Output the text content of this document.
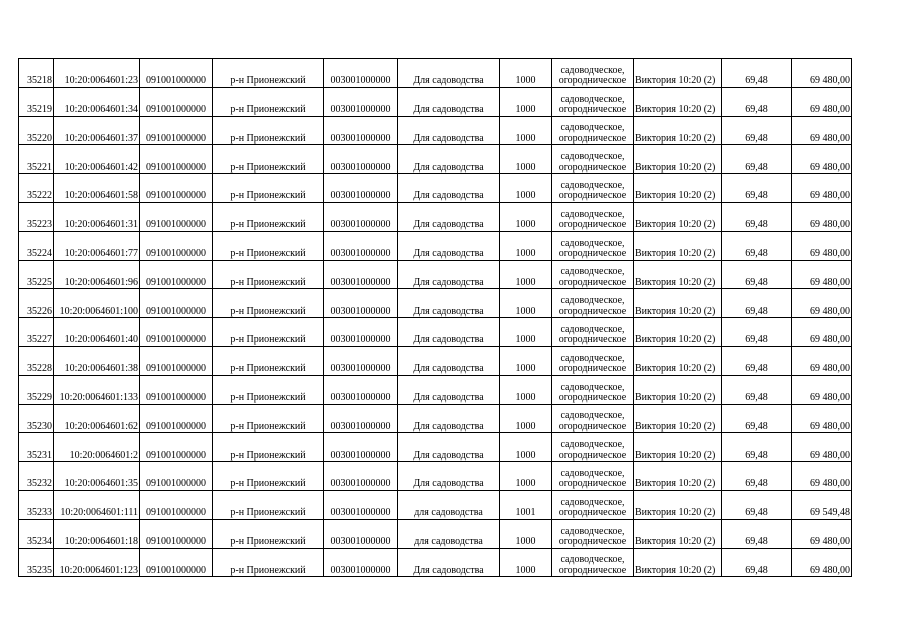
35218	10:20:0064601:23	091001000000	р-н Прионежский	003001000000	Для садоводства	1000	садоводческое,
огородническое	Виктория 10:20 (2)	69,48	69 480,00
35219	10:20:0064601:34	091001000000	р-н Прионежский	003001000000	Для садоводства	1000	садоводческое,
огородническое	Виктория 10:20 (2)	69,48	69 480,00
35220	10:20:0064601:37	091001000000	р-н Прионежский	003001000000	Для садоводства	1000	садоводческое,
огородническое	Виктория 10:20 (2)	69,48	69 480,00
35221	10:20:0064601:42	091001000000	р-н Прионежский	003001000000	Для садоводства	1000	садоводческое,
огородническое	Виктория 10:20 (2)	69,48	69 480,00
35222	10:20:0064601:58	091001000000	р-н Прионежский	003001000000	Для садоводства	1000	садоводческое,
огородническое	Виктория 10:20 (2)	69,48	69 480,00
35223	10:20:0064601:31	091001000000	р-н Прионежский	003001000000	Для садоводства	1000	садоводческое,
огородническое	Виктория 10:20 (2)	69,48	69 480,00
35224	10:20:0064601:77	091001000000	р-н Прионежский	003001000000	Для садоводства	1000	садоводческое,
огородническое	Виктория 10:20 (2)	69,48	69 480,00
35225	10:20:0064601:96	091001000000	р-н Прионежский	003001000000	Для садоводства	1000	садоводческое,
огородническое	Виктория 10:20 (2)	69,48	69 480,00
35226	10:20:0064601:100	091001000000	р-н Прионежский	003001000000	Для садоводства	1000	садоводческое,
огородническое	Виктория 10:20 (2)	69,48	69 480,00
35227	10:20:0064601:40	091001000000	р-н Прионежский	003001000000	Для садоводства	1000	садоводческое,
огородническое	Виктория 10:20 (2)	69,48	69 480,00
35228	10:20:0064601:38	091001000000	р-н Прионежский	003001000000	Для садоводства	1000	садоводческое,
огородническое	Виктория 10:20 (2)	69,48	69 480,00
35229	10:20:0064601:133	091001000000	р-н Прионежский	003001000000	Для садоводства	1000	садоводческое,
огородническое	Виктория 10:20 (2)	69,48	69 480,00
35230	10:20:0064601:62	091001000000	р-н Прионежский	003001000000	Для садоводства	1000	садоводческое,
огородническое	Виктория 10:20 (2)	69,48	69 480,00
35231	10:20:0064601:2	091001000000	р-н Прионежский	003001000000	Для садоводства	1000	садоводческое,
огородническое	Виктория 10:20 (2)	69,48	69 480,00
35232	10:20:0064601:35	091001000000	р-н Прионежский	003001000000	Для садоводства	1000	садоводческое,
огородническое	Виктория 10:20 (2)	69,48	69 480,00
35233	10:20:0064601:111	091001000000	р-н Прионежский	003001000000	для садоводства	1001	садоводческое,
огородническое	Виктория 10:20 (2)	69,48	69 549,48
35234	10:20:0064601:18	091001000000	р-н Прионежский	003001000000	для садоводства	1000	садоводческое,
огородническое	Виктория 10:20 (2)	69,48	69 480,00
35235	10:20:0064601:123	091001000000	р-н Прионежский	003001000000	Для садоводства	1000	садоводческое,
огородническое	Виктория 10:20 (2)	69,48	69 480,00
